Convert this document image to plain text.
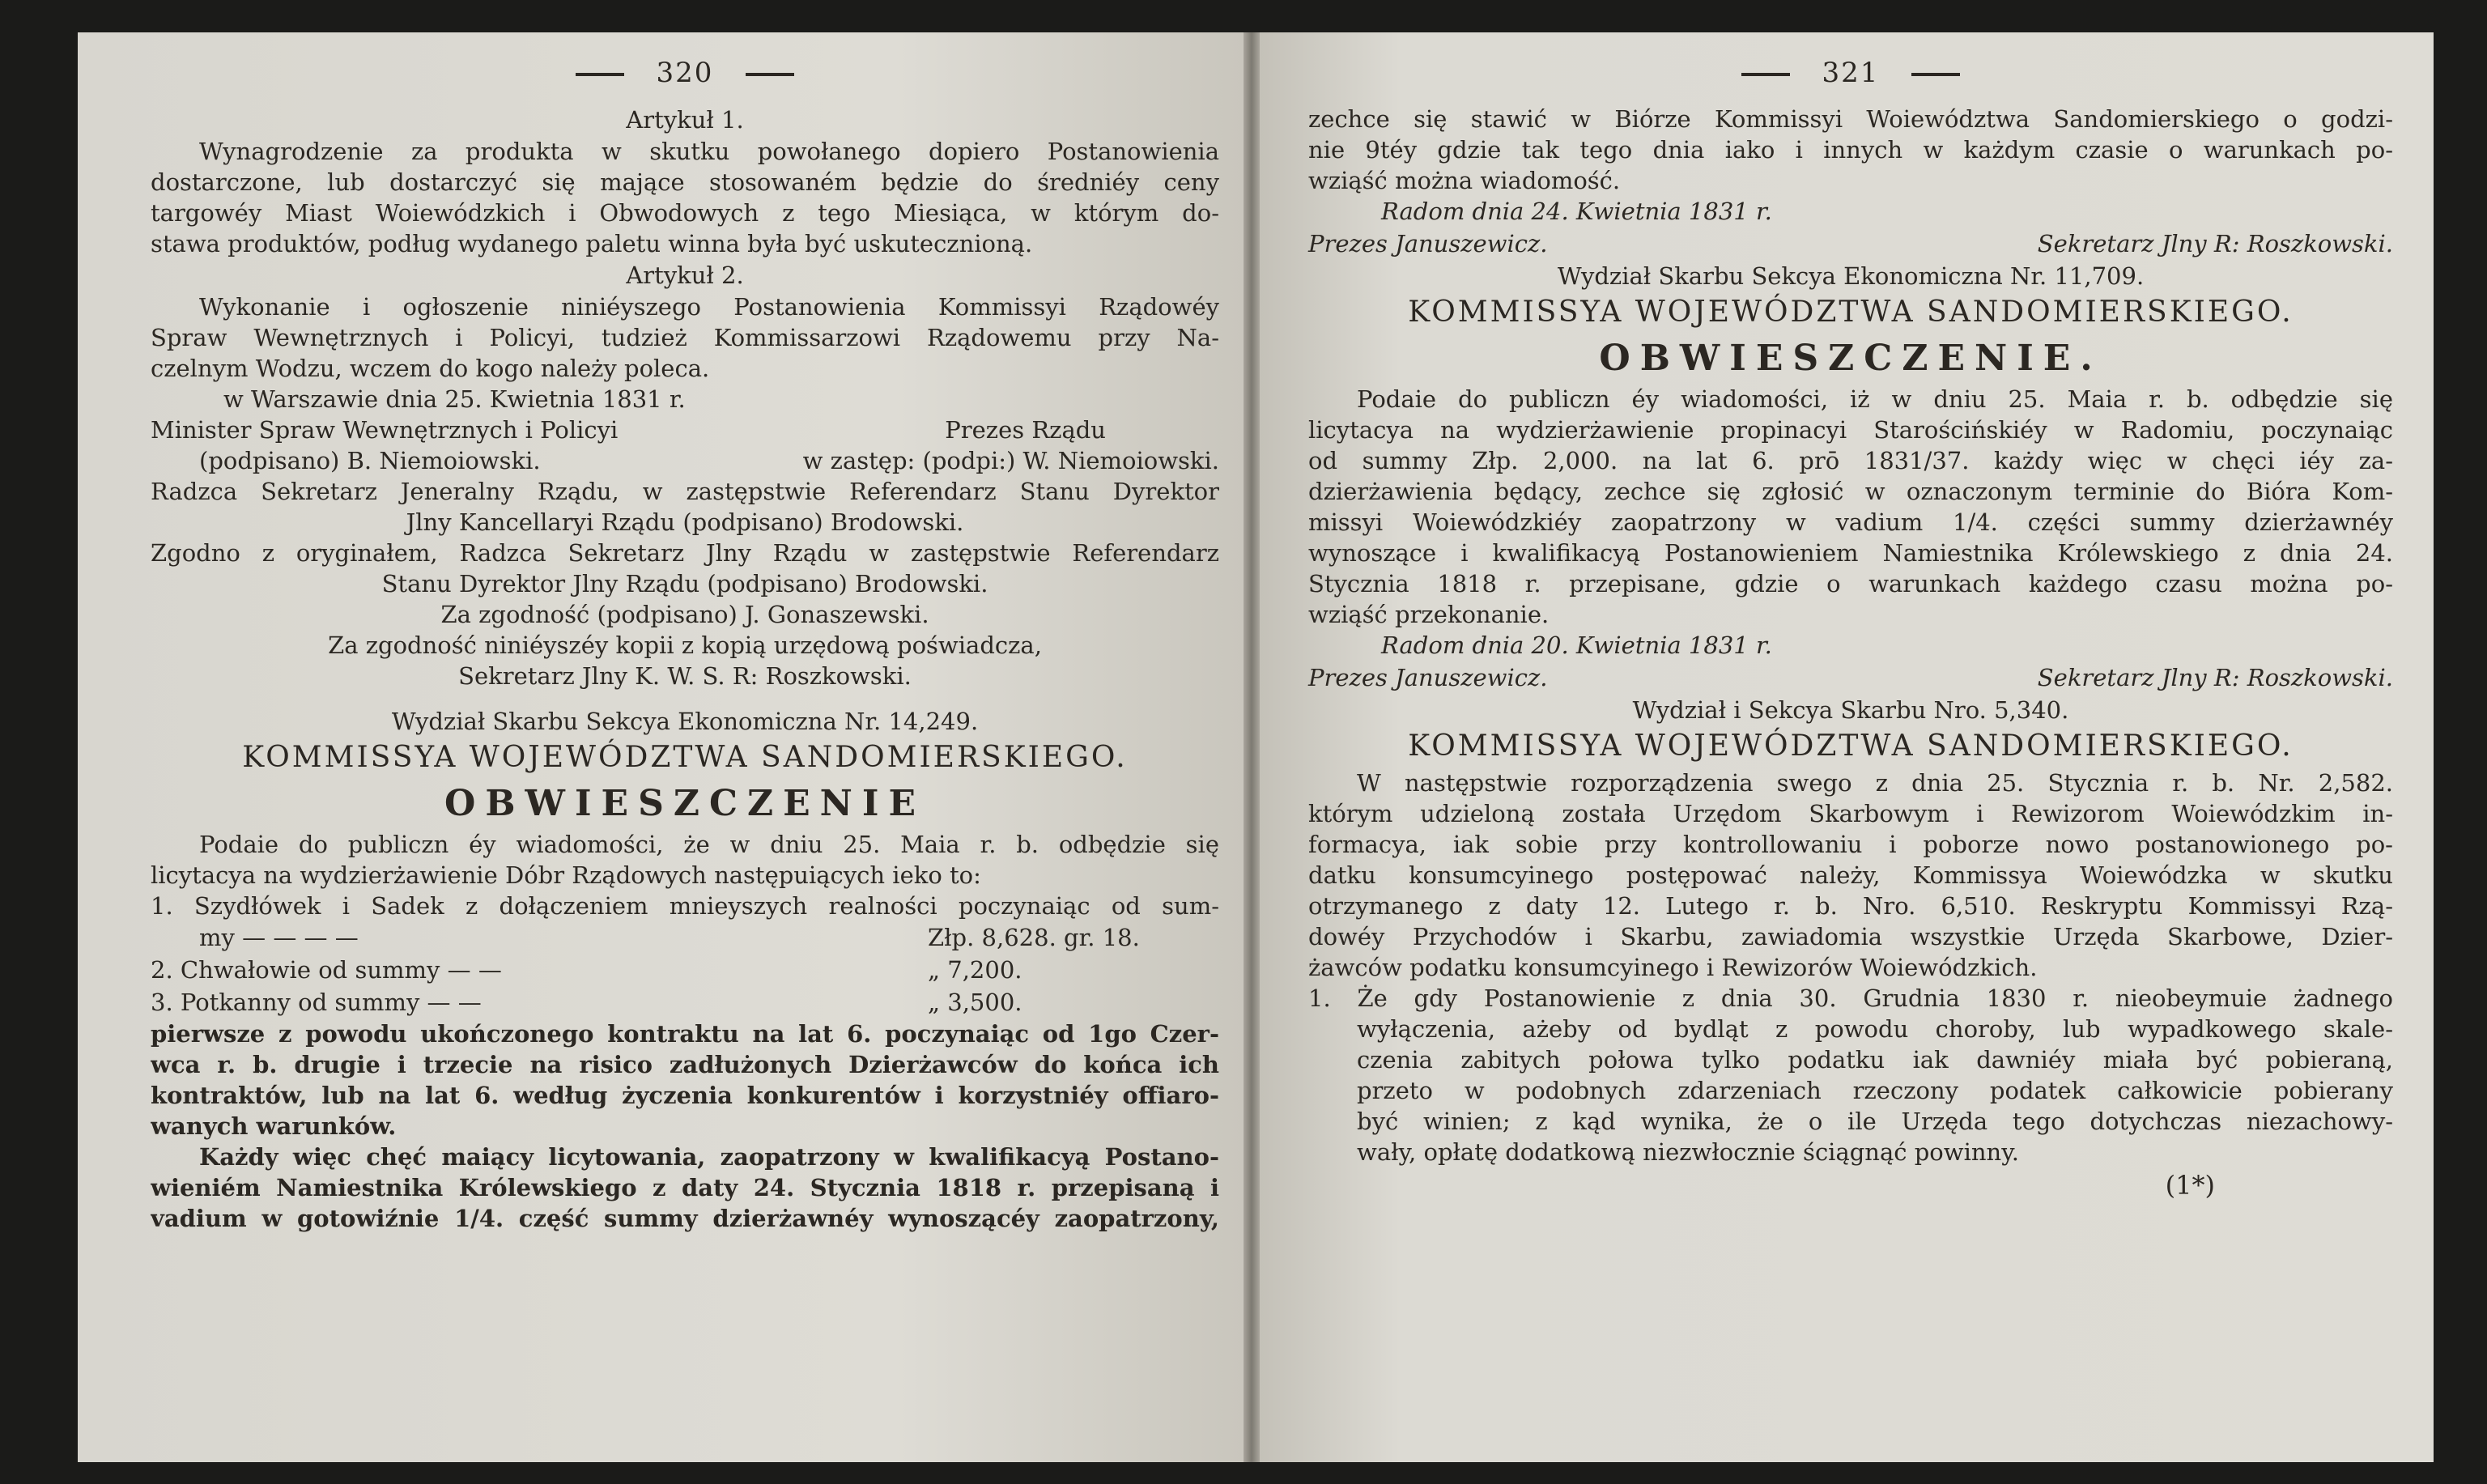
320
Artykuł 1.
Wynagrodzenie za produkta w skutku powołanego dopiero Postanowienia
dostarczone, lub dostarczyć się mające stosowaném będzie do średniéy ceny
targowéy Miast Woiewódzkich i Obwodowych z tego Miesiąca, w którym do-
stawa produktów, podług wydanego paletu winna była być uskutecznioną.
Artykuł 2.
Wykonanie i ogłoszenie niniéyszego Postanowienia Kommissyi Rządowéy
Spraw Wewnętrznych i Policyi, tudzież Kommissarzowi Rządowemu przy Na-
czelnym Wodzu, wczem do kogo należy poleca.
w Warszawie dnia 25. Kwietnia 1831 r.
Minister Spraw Wewnętrznych i Policyi	Prezes Rządu
(podpisano) B. Niemoiowski.	w zastęp: (podpi:) W. Niemoiowski.
Radzca Sekretarz Jeneralny Rządu, w zastępstwie Referendarz Stanu Dyrektor
Jlny Kancellaryi Rządu (podpisano) Brodowski.
Zgodno z oryginałem, Radzca Sekretarz Jlny Rządu w zastępstwie Referendarz
Stanu Dyrektor Jlny Rządu (podpisano) Brodowski.
Za zgodność (podpisano) J. Gonaszewski.
Za zgodność niniéyszéy kopii z kopią urzędową poświadcza,
Sekretarz Jlny K. W. S. R: Roszkowski.
Wydział Skarbu Sekcya Ekonomiczna Nr. 14,249.
KOMMISSYA WOJEWÓDZTWA SANDOMIERSKIEGO.
OBWIESZCZENIE
Podaie do publiczn éy wiadomości, że w dniu 25. Maia r. b. odbędzie się
licytacya na wydzierżawienie Dóbr Rządowych następuiących ieko to:
1. Szydłówek i Sadek z dołączeniem mnieyszych realności poczynaiąc od sum-
my — — — —	Złp. 8,628. gr. 18.
2. Chwałowie od summy — —	„ 7,200.
3. Potkanny od summy — —	„ 3,500.
pierwsze z powodu ukończonego kontraktu na lat 6. poczynaiąc od 1go Czer-
wca r. b. drugie i trzecie na risico zadłużonych Dzierżawców do końca ich
kontraktów, lub na lat 6. według życzenia konkurentów i korzystniéy offiaro-
wanych warunków.
Każdy więc chęć maiący licytowania, zaopatrzony w kwalifikacyą Postano-
wieniém Namiestnika Królewskiego z daty 24. Stycznia 1818 r. przepisaną i
vadium w gotowiźnie 1/4. część summy dzierżawnéy wynoszącéy zaopatrzony,
321
zechce się stawić w Biórze Kommissyi Woiewództwa Sandomierskiego o godzi-
nie 9téy gdzie tak tego dnia iako i innych w każdym czasie o warunkach po-
wziąść można wiadomość.
Radom dnia 24. Kwietnia 1831 r.
Prezes Januszewicz.	Sekretarz Jlny R: Roszkowski.
Wydział Skarbu Sekcya Ekonomiczna Nr. 11,709.
KOMMISSYA WOJEWÓDZTWA SANDOMIERSKIEGO.
OBWIESZCZENIE.
Podaie do publiczn éy wiadomości, iż w dniu 25. Maia r. b. odbędzie się
licytacya na wydzierżawienie propinacyi Starościńskiéy w Radomiu, poczynaiąc
od summy Złp. 2,000. na lat 6. prō 1831/37. każdy więc w chęci iéy za-
dzierżawienia będący, zechce się zgłosić w oznaczonym terminie do Bióra Kom-
missyi Woiewódzkiéy zaopatrzony w vadium 1/4. części summy dzierżawnéy
wynoszące i kwalifikacyą Postanowieniem Namiestnika Królewskiego z dnia 24.
Stycznia 1818 r. przepisane, gdzie o warunkach każdego czasu można po-
wziąść przekonanie.
Radom dnia 20. Kwietnia 1831 r.
Prezes Januszewicz.	Sekretarz Jlny R: Roszkowski.
Wydział i Sekcya Skarbu Nro. 5,340.
KOMMISSYA WOJEWÓDZTWA SANDOMIERSKIEGO.
W następstwie rozporządzenia swego z dnia 25. Stycznia r. b. Nr. 2,582.
którym udzieloną została Urzędom Skarbowym i Rewizorom Woiewódzkim in-
formacya, iak sobie przy kontrollowaniu i poborze nowo postanowionego po-
datku konsumcyinego postępować należy, Kommissya Woiewódzka w skutku
otrzymanego z daty 12. Lutego r. b. Nro. 6,510. Reskryptu Kommissyi Rzą-
dowéy Przychodów i Skarbu, zawiadomia wszystkie Urzęda Skarbowe, Dzier-
żawców podatku konsumcyinego i Rewizorów Woiewódzkich.
1. Że gdy Postanowienie z dnia 30. Grudnia 1830 r. nieobeymuie żadnego
wyłączenia, ażeby od bydląt z powodu choroby, lub wypadkowego skale-
czenia zabitych połowa tylko podatku iak dawniéy miała być pobieraną,
przeto w podobnych zdarzeniach rzeczony podatek całkowicie pobierany
być winien; z kąd wynika, że o ile Urzęda tego dotychczas niezachowy-
wały, opłatę dodatkową niezwłocznie ściągnąć powinny.
(1*)
